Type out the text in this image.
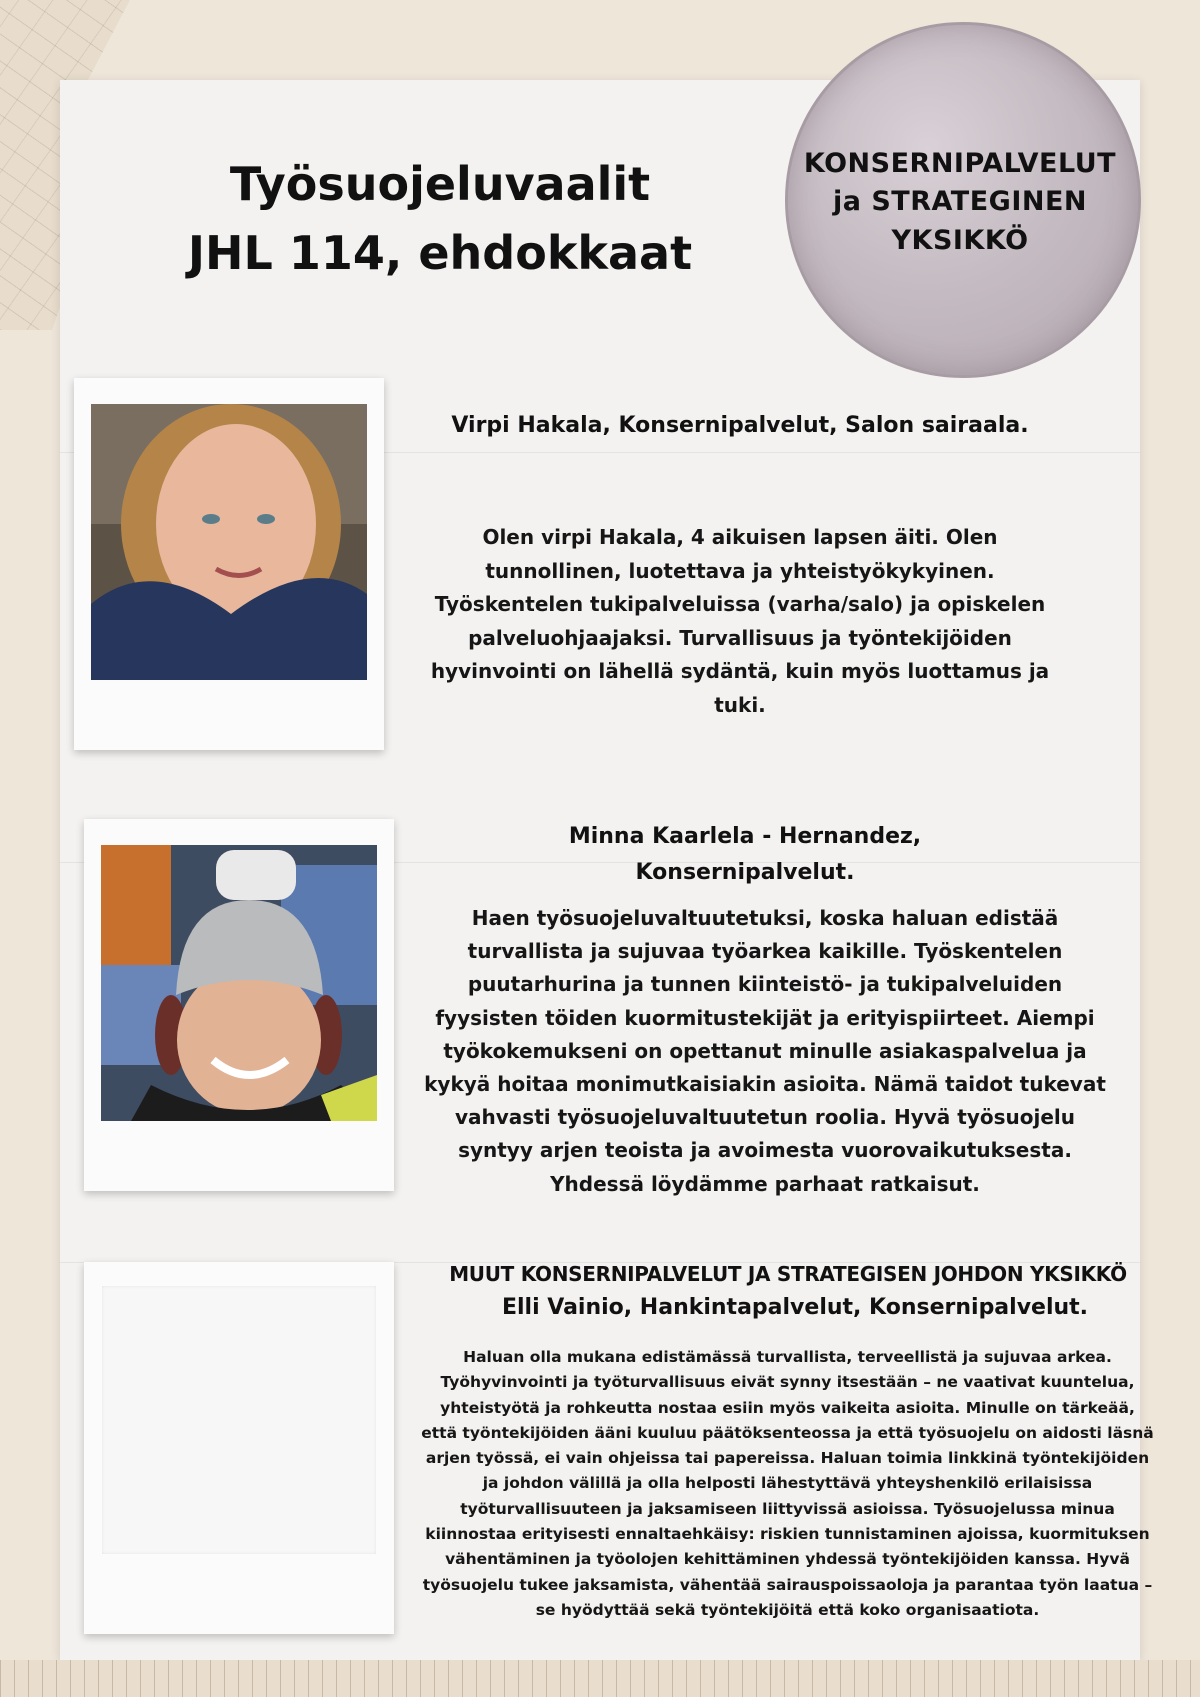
Työsuojeluvaalit
JHL 114, ehdokkaat
KONSERNIPALVELUT
ja STRATEGINEN
YKSIKKÖ
Virpi Hakala, Konsernipalvelut, Salon sairaala.
Olen virpi Hakala, 4 aikuisen lapsen äiti. Olen tunnollinen, luotettava ja yhteistyökykyinen. Työskentelen tukipalveluissa (varha/salo) ja opiskelen palveluohjaajaksi. Turvallisuus ja työntekijöiden hyvinvointi on lähellä sydäntä, kuin myös luottamus ja tuki.
Minna Kaarlela - Hernandez,
Konsernipalvelut.
Haen työsuojeluvaltuutetuksi, koska haluan edistää turvallista ja sujuvaa työarkea kaikille. Työskentelen puutarhurina ja tunnen kiinteistö- ja tukipalveluiden fyysisten töiden kuormitustekijät ja erityispiirteet. Aiempi työkokemukseni on opettanut minulle asiakaspalvelua ja kykyä hoitaa monimutkaisiakin asioita. Nämä taidot tukevat vahvasti työsuojeluvaltuutetun roolia. Hyvä työsuojelu syntyy arjen teoista ja avoimesta vuorovaikutuksesta. Yhdessä löydämme parhaat ratkaisut.
MUUT KONSERNIPALVELUT JA STRATEGISEN JOHDON YKSIKKÖ
Elli Vainio, Hankintapalvelut, Konsernipalvelut.
Haluan olla mukana edistämässä turvallista, terveellistä ja sujuvaa arkea. Työhyvinvointi ja työturvallisuus eivät synny itsestään – ne vaativat kuuntelua, yhteistyötä ja rohkeutta nostaa esiin myös vaikeita asioita. Minulle on tärkeää, että työntekijöiden ääni kuuluu päätöksenteossa ja että työsuojelu on aidosti läsnä arjen työssä, ei vain ohjeissa tai papereissa. Haluan toimia linkkinä työntekijöiden ja johdon välillä ja olla helposti lähestyttävä yhteyshenkilö erilaisissa työturvallisuuteen ja jaksamiseen liittyvissä asioissa. Työsuojelussa minua kiinnostaa erityisesti ennaltaehkäisy: riskien tunnistaminen ajoissa, kuormituksen vähentäminen ja työolojen kehittäminen yhdessä työntekijöiden kanssa. Hyvä työsuojelu tukee jaksamista, vähentää sairauspoissaoloja ja parantaa työn laatua – se hyödyttää sekä työntekijöitä että koko organisaatiota.
